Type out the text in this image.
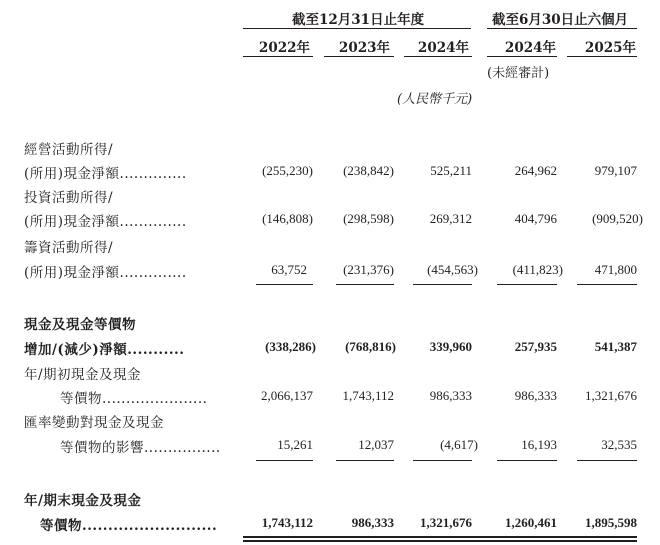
截至12月31日止年度	截至6月30日止六個月
2022年	2023年	2024年	2024年	2025年
(未經審計)
(人民幣千元)
經營活動所得/
(所用)現金淨額..............	(255,230)	(238,842)	525,211	264,962	979,107
投資活動所得/
(所用)現金淨額..............	(146,808)	(298,598)	269,312	404,796	(909,520)
籌資活動所得/
(所用)現金淨額..............	63,752	(231,376)	(454,563)	(411,823)	471,800
現金及現金等價物
增加/(減少)淨額...........	(338,286)	(768,816)	339,960	257,935	541,387
年/期初現金及現金
等價物......................	2,066,137	1,743,112	986,333	986,333	1,321,676
匯率變動對現金及現金
等價物的影響................	15,261	12,037	(4,617)	16,193	32,535
年/期末現金及現金
等價物..........................	1,743,112	986,333	1,321,676	1,260,461	1,895,598
